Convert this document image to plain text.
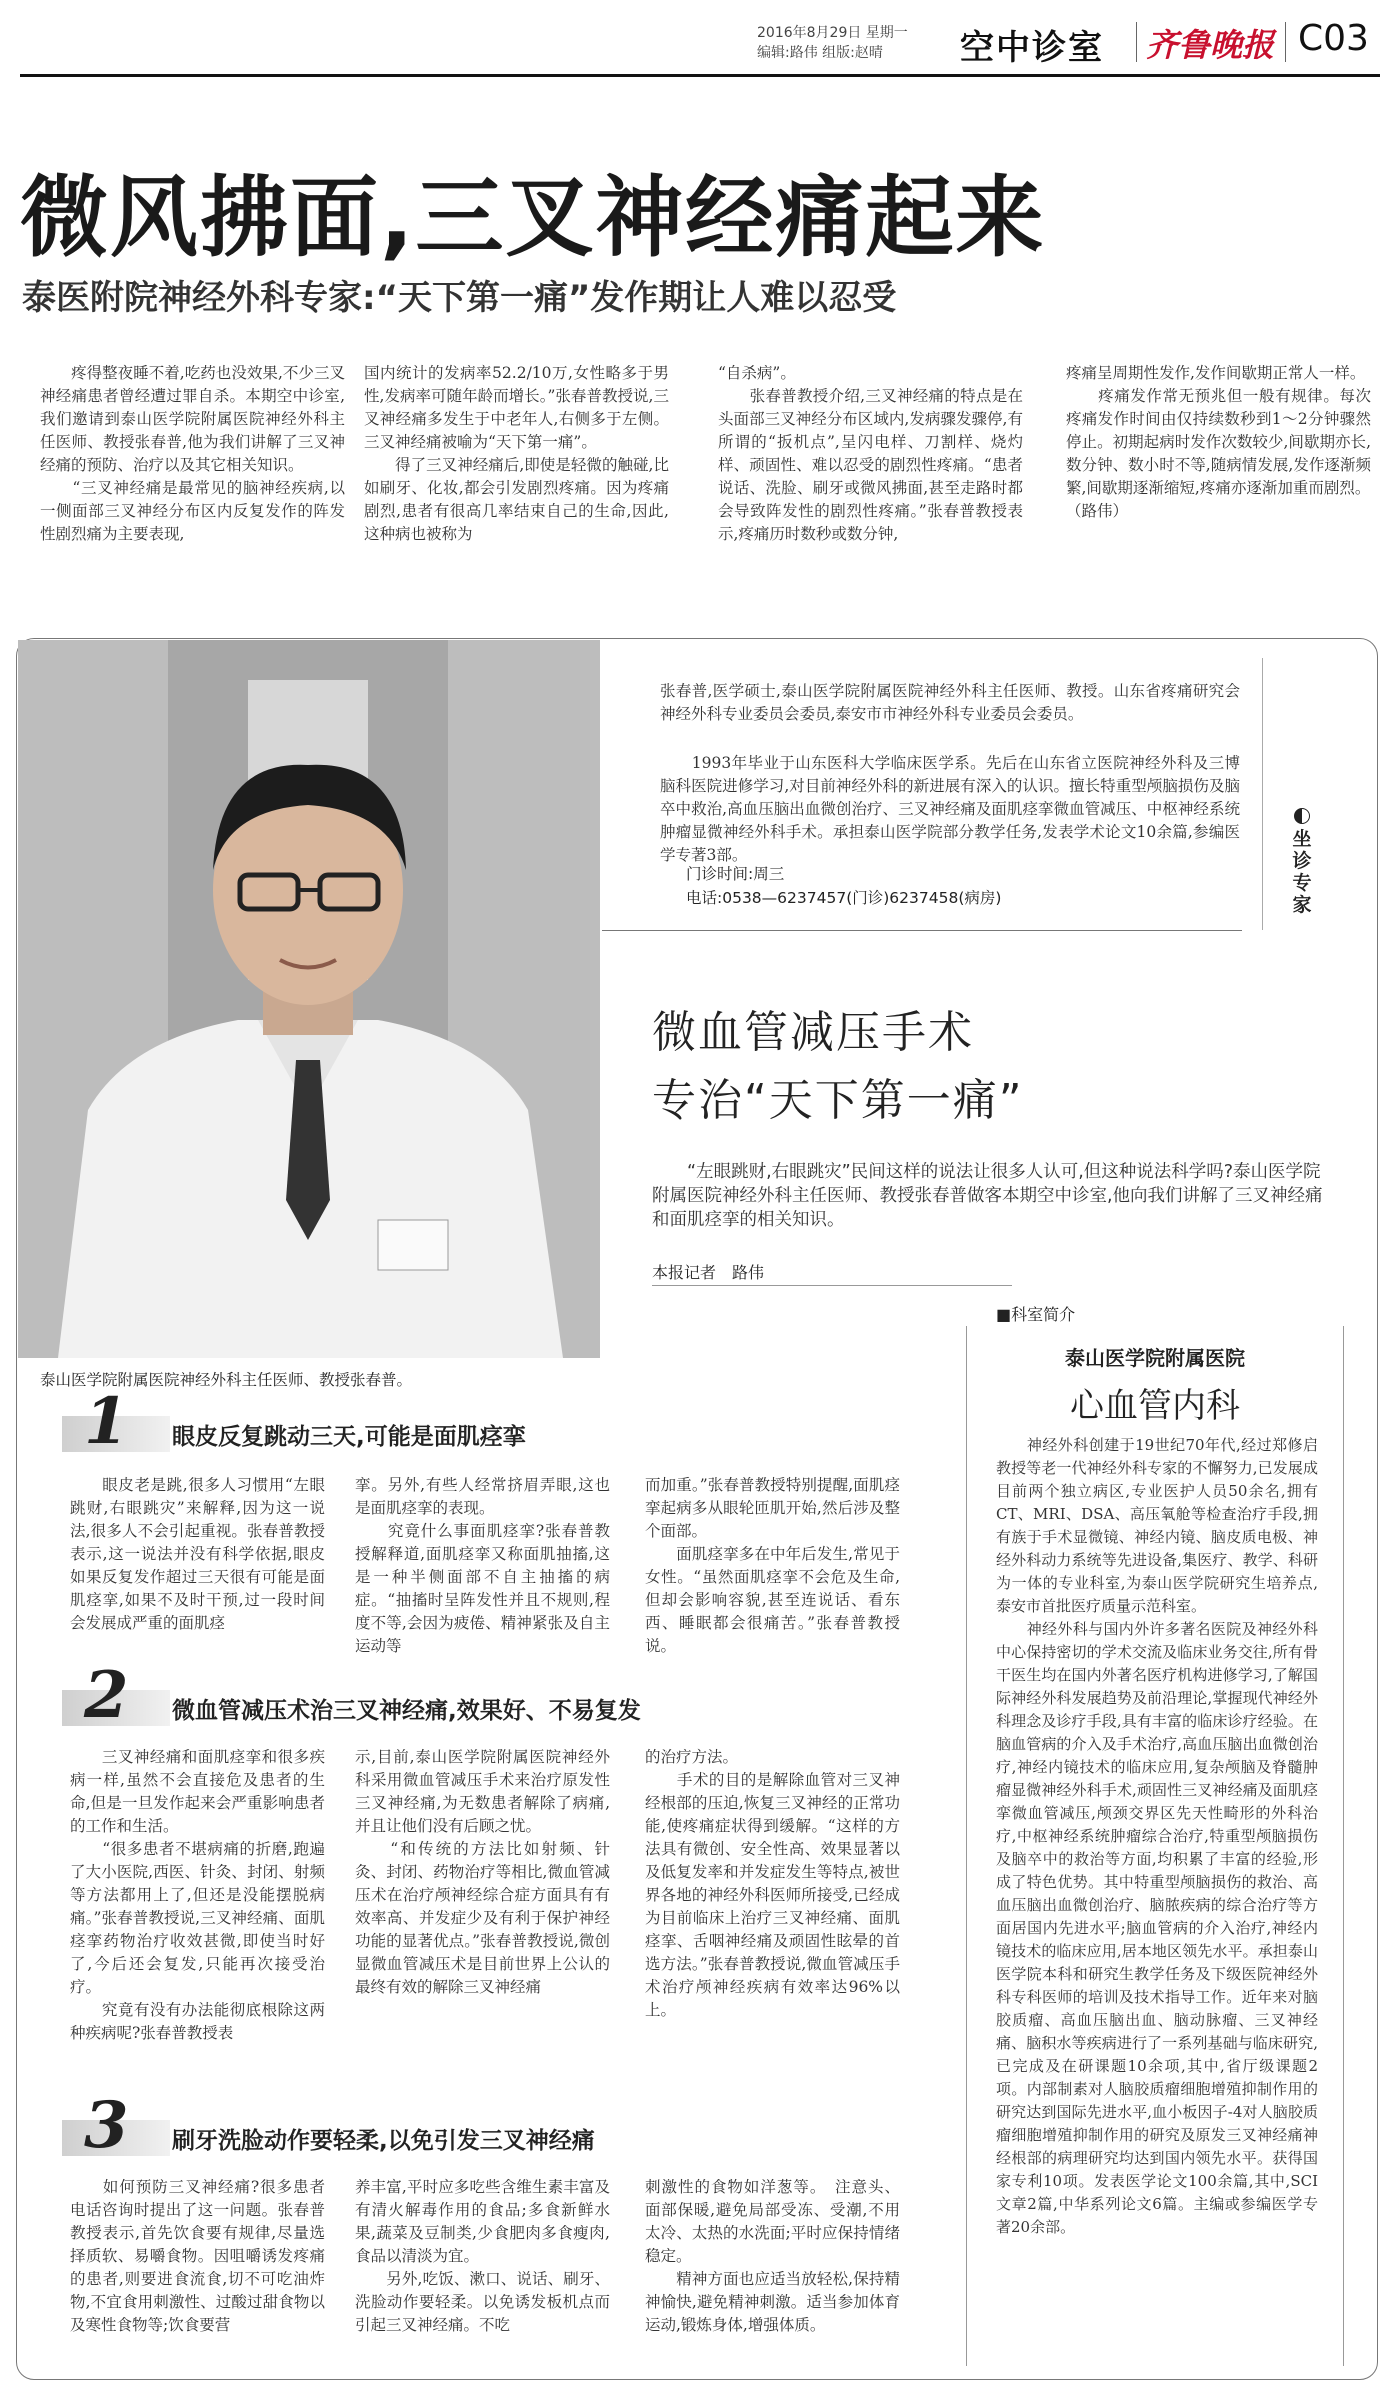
2016年8月29日 星期一
编辑:路伟 组版:赵晴 空中诊室 齐鲁晚报 C03
微风拂面,三叉神经痛起来
泰医附院神经外科专家:“天下第一痛”发作期让人难以忍受
　　疼得整夜睡不着,吃药也没效果,不少三叉神经痛患者曾经遭过罪自杀。本期空中诊室,我们邀请到泰山医学院附属医院神经外科主任医师、教授张春普,他为我们讲解了三叉神经痛的预防、治疗以及其它相关知识。
　　“三叉神经痛是最常见的脑神经疾病,以一侧面部三叉神经分布区内反复发作的阵发性剧烈痛为主要表现,
国内统计的发病率52.2/10万,女性略多于男性,发病率可随年龄而增长。”张春普教授说,三叉神经痛多发生于中老年人,右侧多于左侧。三叉神经痛被喻为“天下第一痛”。
　　得了三叉神经痛后,即使是轻微的触碰,比如刷牙、化妆,都会引发剧烈疼痛。因为疼痛剧烈,患者有很高几率结束自己的生命,因此,这种病也被称为
“自杀病”。
　　张春普教授介绍,三叉神经痛的特点是在头面部三叉神经分布区域内,发病骤发骤停,有所谓的“扳机点”,呈闪电样、刀割样、烧灼样、顽固性、难以忍受的剧烈性疼痛。“患者说话、洗脸、刷牙或微风拂面,甚至走路时都会导致阵发性的剧烈性疼痛。”张春普教授表示,疼痛历时数秒或数分钟,
疼痛呈周期性发作,发作间歇期正常人一样。
　　疼痛发作常无预兆但一般有规律。每次疼痛发作时间由仅持续数秒到1～2分钟骤然停止。初期起病时发作次数较少,间歇期亦长,数分钟、数小时不等,随病情发展,发作逐渐频繁,间歇期逐渐缩短,疼痛亦逐渐加重而剧烈。
（路伟）
泰山医学院附属医院神经外科主任医师、教授张春普。
张春普,医学硕士,泰山医学院附属医院神经外科主任医师、教授。山东省疼痛研究会神经外科专业委员会委员,泰安市市神经外科专业委员会委员。
　　1993年毕业于山东医科大学临床医学系。先后在山东省立医院神经外科及三博脑科医院进修学习,对目前神经外科的新进展有深入的认识。擅长特重型颅脑损伤及脑卒中救治,高血压脑出血微创治疗、三叉神经痛及面肌痉挛微血管减压、中枢神经系统肿瘤显微神经外科手术。承担泰山医学院部分教学任务,发表学术论文10余篇,参编医学专著3部。
门诊时间:周三
电话:0538—6237457(门诊)6237458(病房)
坐诊专家
微血管减压手术
专治“天下第一痛”
　　“左眼跳财,右眼跳灾”民间这样的说法让很多人认可,但这种说法科学吗?泰山医学院附属医院神经外科主任医师、教授张春普做客本期空中诊室,他向我们讲解了三叉神经痛和面肌痉挛的相关知识。
本报记者　路伟
1 眼皮反复跳动三天,可能是面肌痉挛
　　眼皮老是跳,很多人习惯用“左眼跳财,右眼跳灾”来解释,因为这一说法,很多人不会引起重视。张春普教授表示,这一说法并没有科学依据,眼皮如果反复发作超过三天很有可能是面肌痉挛,如果不及时干预,过一段时间会发展成严重的面肌痉
挛。另外,有些人经常挤眉弄眼,这也是面肌痉挛的表现。
　　究竟什么事面肌痉挛?张春普教授解释道,面肌痉挛又称面肌抽搐,这是一种半侧面部不自主抽搐的病症。“抽搐时呈阵发性并且不规则,程度不等,会因为疲倦、精神紧张及自主运动等
而加重。”张春普教授特别提醒,面肌痉挛起病多从眼轮匝肌开始,然后涉及整个面部。
　　面肌痉挛多在中年后发生,常见于女性。“虽然面肌痉挛不会危及生命,但却会影响容貌,甚至连说话、看东西、睡眠都会很痛苦。”张春普教授说。
2 微血管减压术治三叉神经痛,效果好、不易复发
　　三叉神经痛和面肌痉挛和很多疾病一样,虽然不会直接危及患者的生命,但是一旦发作起来会严重影响患者的工作和生活。
　　“很多患者不堪病痛的折磨,跑遍了大小医院,西医、针灸、封闭、射频等方法都用上了,但还是没能摆脱病痛。”张春普教授说,三叉神经痛、面肌痉挛药物治疗收效甚微,即使当时好了,今后还会复发,只能再次接受治疗。
　　究竟有没有办法能彻底根除这两种疾病呢?张春普教授表
示,目前,泰山医学院附属医院神经外科采用微血管减压手术来治疗原发性三叉神经痛,为无数患者解除了病痛,并且让他们没有后顾之忧。
　　“和传统的方法比如射频、针灸、封闭、药物治疗等相比,微血管减压术在治疗颅神经综合症方面具有有效率高、并发症少及有利于保护神经功能的显著优点。”张春普教授说,微创显微血管减压术是目前世界上公认的最终有效的解除三叉神经痛
的治疗方法。
　　手术的目的是解除血管对三叉神经根部的压迫,恢复三叉神经的正常功能,使疼痛症状得到缓解。“这样的方法具有微创、安全性高、效果显著以及低复发率和并发症发生等特点,被世界各地的神经外科医师所接受,已经成为目前临床上治疗三叉神经痛、面肌痉挛、舌咽神经痛及顽固性眩晕的首选方法。”张春普教授说,微血管减压手术治疗颅神经疾病有效率达96%以上。
3 刷牙洗脸动作要轻柔,以免引发三叉神经痛
　　如何预防三叉神经痛?很多患者电话咨询时提出了这一问题。张春普教授表示,首先饮食要有规律,尽量选择质软、易嚼食物。因咀嚼诱发疼痛的患者,则要进食流食,切不可吃油炸物,不宜食用刺激性、过酸过甜食物以及寒性食物等;饮食要营
养丰富,平时应多吃些含维生素丰富及有清火解毒作用的食品;多食新鲜水果,蔬菜及豆制类,少食肥肉多食瘦肉,食品以清淡为宜。
　　另外,吃饭、漱口、说话、刷牙、洗脸动作要轻柔。以免诱发板机点而引起三叉神经痛。不吃
刺激性的食物如洋葱等。　注意头、面部保暖,避免局部受冻、受潮,不用太冷、太热的水洗面;平时应保持情绪稳定。
　　精神方面也应适当放轻松,保持精神愉快,避免精神刺激。适当参加体育运动,锻炼身体,增强体质。
■科室简介
泰山医学院附属医院
心血管内科
　　神经外科创建于19世纪70年代,经过郑修启教授等老一代神经外科专家的不懈努力,已发展成目前两个独立病区,专业医护人员50余名,拥有CT、MRI、DSA、高压氧舱等检查治疗手段,拥有族于手术显微镜、神经内镜、脑皮质电极、神经外科动力系统等先进设备,集医疗、教学、科研为一体的专业科室,为泰山医学院研究生培养点,泰安市首批医疗质量示范科室。
　　神经外科与国内外许多著名医院及神经外科中心保持密切的学术交流及临床业务交往,所有骨干医生均在国内外著名医疗机构进修学习,了解国际神经外科发展趋势及前沿理论,掌握现代神经外科理念及诊疗手段,具有丰富的临床诊疗经验。在脑血管病的介入及手术治疗,高血压脑出血微创治疗,神经内镜技术的临床应用,复杂颅脑及脊髓肿瘤显微神经外科手术,顽固性三叉神经痛及面肌痉挛微血管减压,颅颈交界区先天性畸形的外科治疗,中枢神经系统肿瘤综合治疗,特重型颅脑损伤及脑卒中的救治等方面,均积累了丰富的经验,形成了特色优势。其中特重型颅脑损伤的救治、高血压脑出血微创治疗、脑脓疾病的综合治疗等方面居国内先进水平;脑血管病的介入治疗,神经内镜技术的临床应用,居本地区领先水平。承担泰山医学院本科和研究生教学任务及下级医院神经外科专科医师的培训及技术指导工作。近年来对脑胶质瘤、高血压脑出血、脑动脉瘤、三叉神经痛、脑积水等疾病进行了一系列基础与临床研究,已完成及在研课题10余项,其中,省厅级课题2项。内部制素对人脑胶质瘤细胞增殖抑制作用的研究达到国际先进水平,血小板因子-4对人脑胶质瘤细胞增殖抑制作用的研究及原发三叉神经痛神经根部的病理研究均达到国内领先水平。获得国家专利10项。发表医学论文100余篇,其中,SCI文章2篇,中华系列论文6篇。主编或参编医学专著20余部。
